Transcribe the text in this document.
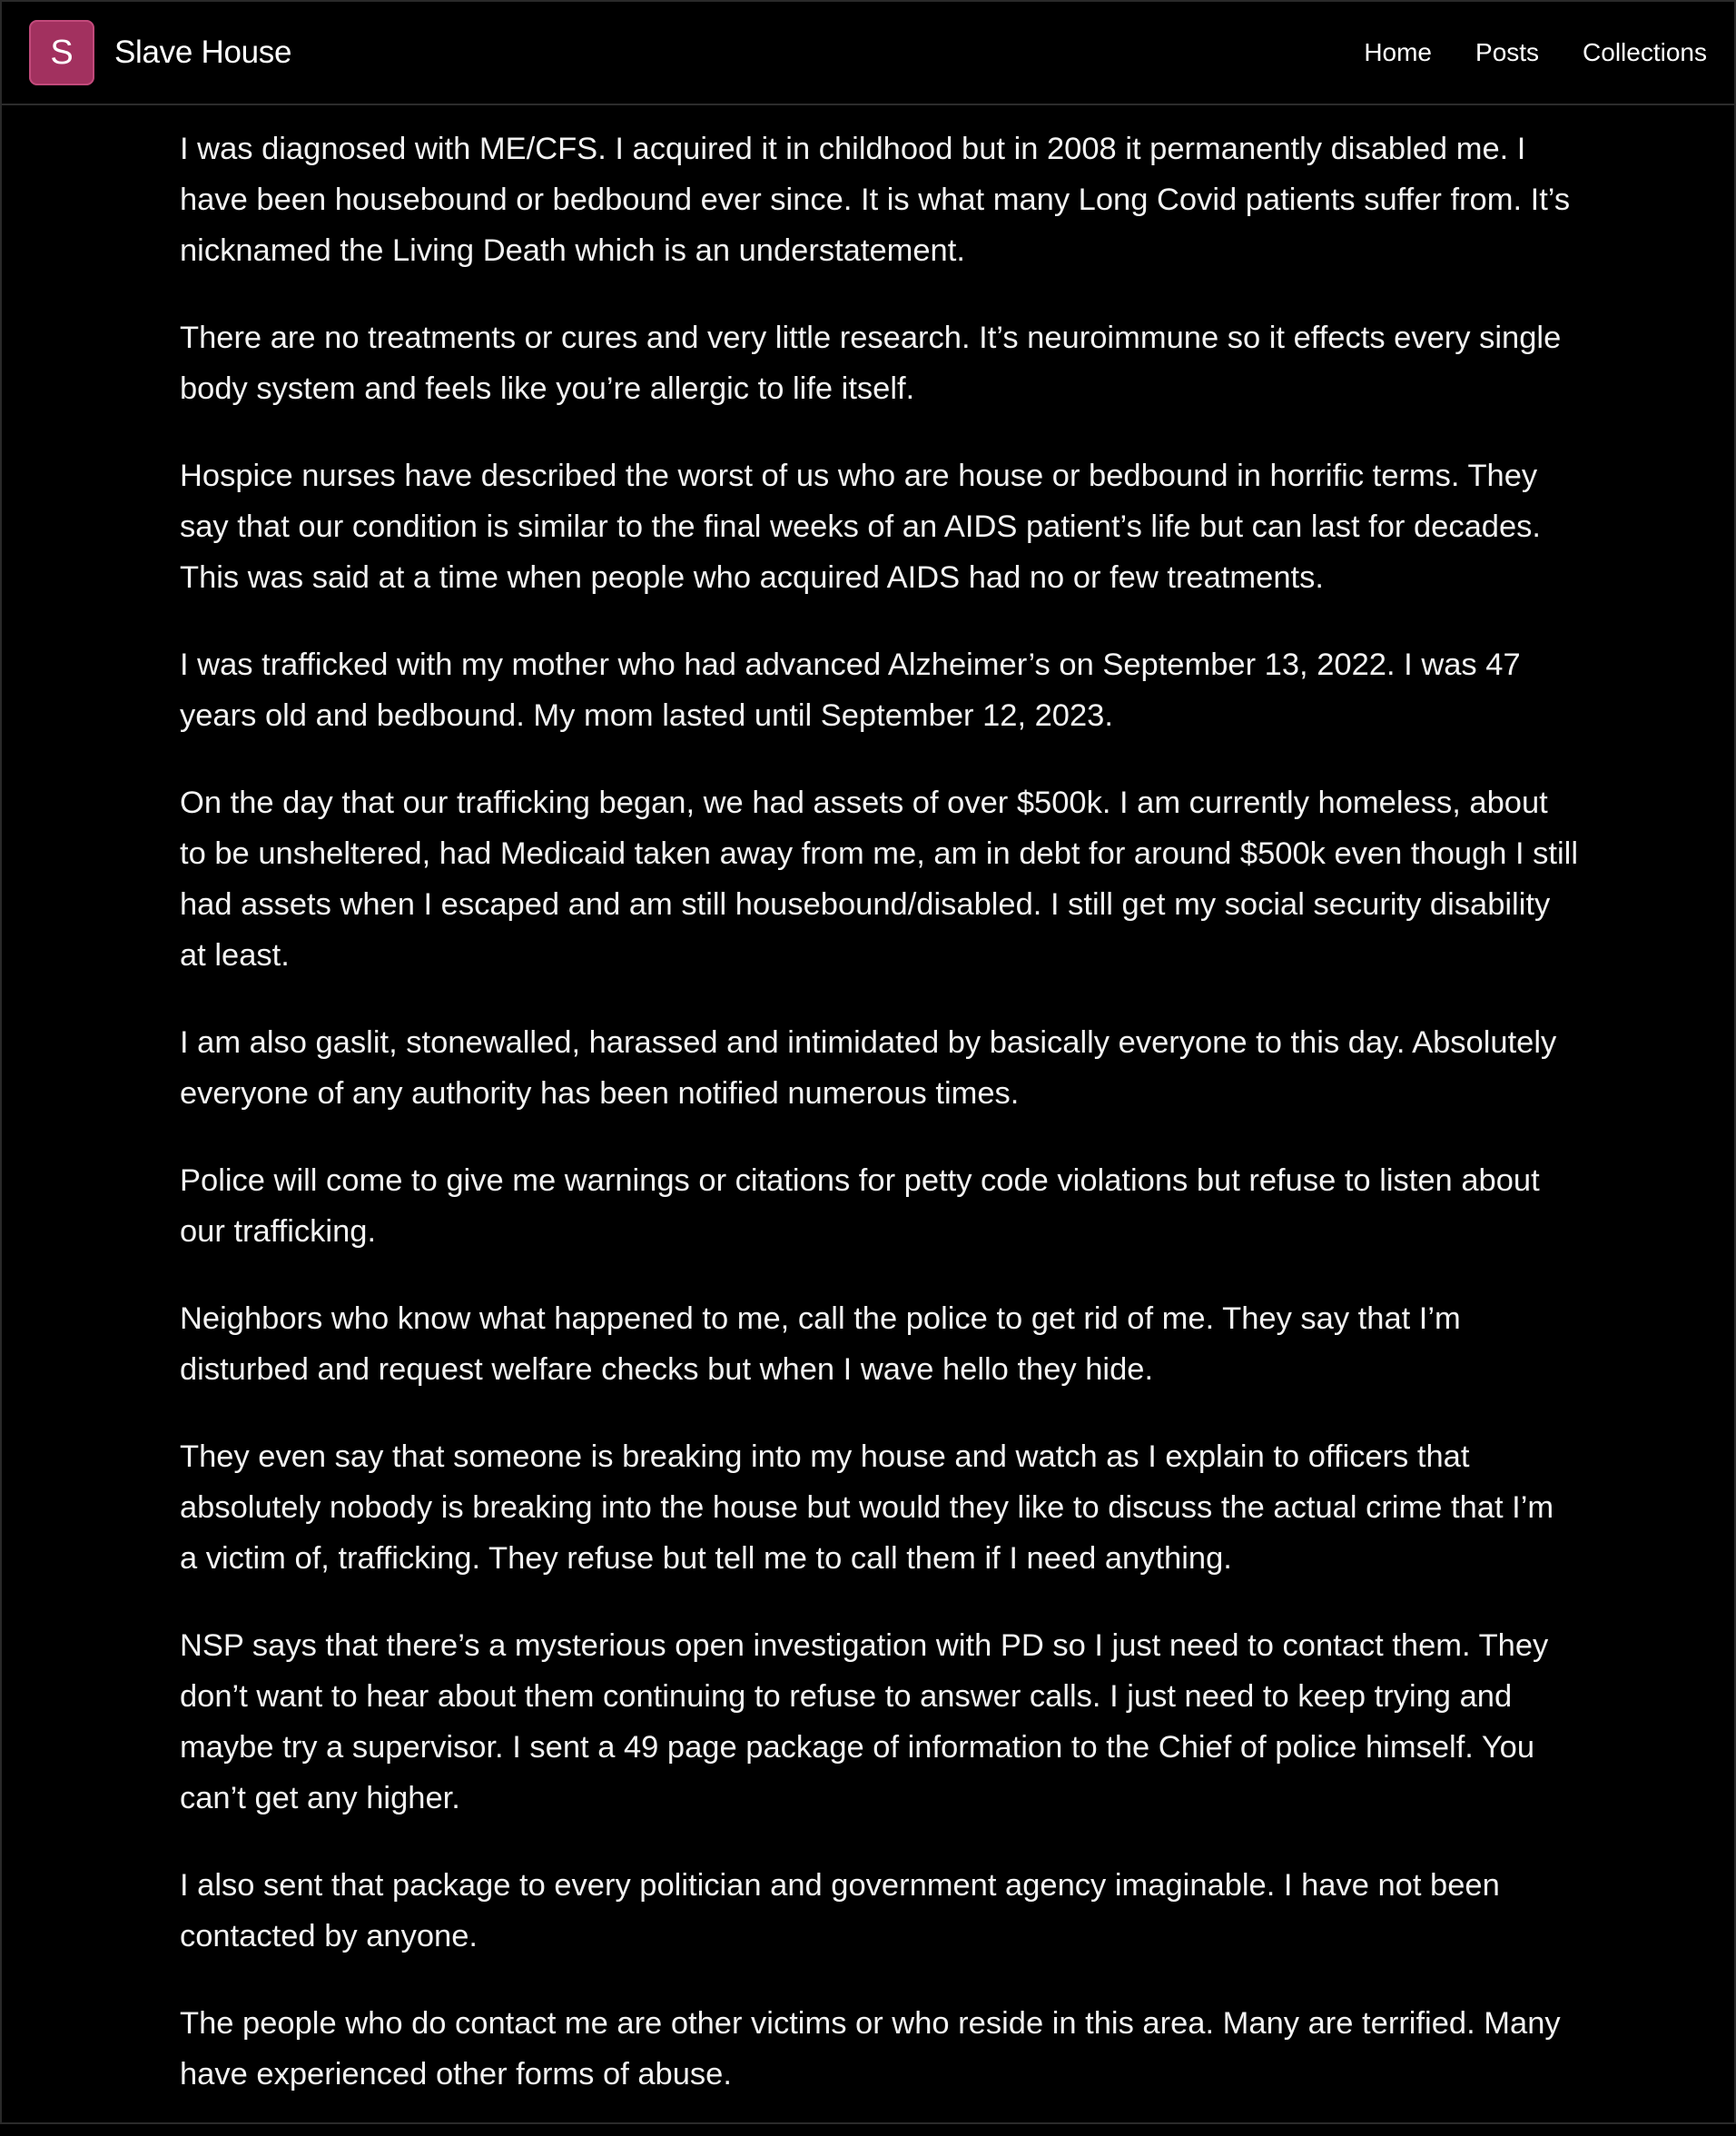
S	Slave House	Home Posts Collections

I was diagnosed with ME/CFS. I acquired it in childhood but in 2008 it permanently disabled me. I have been housebound or bedbound ever since. It is what many Long Covid patients suffer from. It’s nicknamed the Living Death which is an understatement.

There are no treatments or cures and very little research. It’s neuroimmune so it effects every single body system and feels like you’re allergic to life itself.

Hospice nurses have described the worst of us who are house or bedbound in horrific terms. They say that our condition is similar to the final weeks of an AIDS patient’s life but can last for decades. This was said at a time when people who acquired AIDS had no or few treatments.

I was trafficked with my mother who had advanced Alzheimer’s on September 13, 2022. I was 47 years old and bedbound. My mom lasted until September 12, 2023.

On the day that our trafficking began, we had assets of over $500k. I am currently homeless, about to be unsheltered, had Medicaid taken away from me, am in debt for around $500k even though I still had assets when I escaped and am still housebound/disabled. I still get my social security disability at least.

I am also gaslit, stonewalled, harassed and intimidated by basically everyone to this day. Absolutely everyone of any authority has been notified numerous times.

Police will come to give me warnings or citations for petty code violations but refuse to listen about our trafficking.

Neighbors who know what happened to me, call the police to get rid of me. They say that I’m disturbed and request welfare checks but when I wave hello they hide.

They even say that someone is breaking into my house and watch as I explain to officers that absolutely nobody is breaking into the house but would they like to discuss the actual crime that I’m a victim of, trafficking. They refuse but tell me to call them if I need anything.

NSP says that there’s a mysterious open investigation with PD so I just need to contact them. They don’t want to hear about them continuing to refuse to answer calls. I just need to keep trying and maybe try a supervisor. I sent a 49 page package of information to the Chief of police himself. You can’t get any higher.

I also sent that package to every politician and government agency imaginable. I have not been contacted by anyone.

The people who do contact me are other victims or who reside in this area. Many are terrified. Many have experienced other forms of abuse.
